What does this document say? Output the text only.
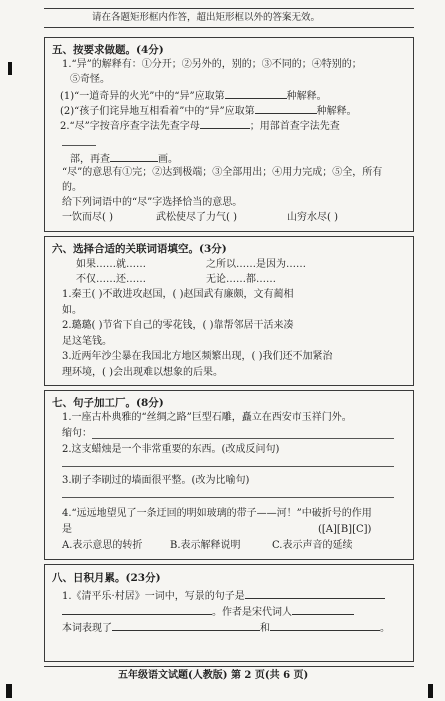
请在各题矩形框内作答，超出矩形框以外的答案无效。
五、按要求做题。(4分)
1.“异”的解释有：①分开；②另外的，别的；③不同的；④特别的；
⑤奇怪。
(1)“一道奇异的火光”中的“异”应取第	种解释。
(2)“孩子们诧异地互相看着”中的“异”应取第	种解释。
2.“尽”字按音序查字法先查字母	；用部首查字法先查
部，再查	画。
“尽”的意思有①完；②达到极端；③全部用出；④用力完成；⑤全，所有
的。
给下列词语中的“尽”字选择恰当的意思。
一饮而尽( )	武松使尽了力气( )	山穷水尽( )
六、选择合适的关联词语填空。(3分)
如果……就……	之所以……是因为……
不仅……还……	无论……都……
1.秦王( )不敢进攻赵国，( )赵国武有廉颇，文有蔺相
如。
2.璐璐( )节省下自己的零花钱，( )靠帮邻居干活来凑
足这笔钱。
3.近两年沙尘暴在我国北方地区频繁出现，( )我们还不加紧治
理环境，( )会出现难以想象的后果。
七、句子加工厂。(8分)
1.一座古朴典雅的“丝绸之路”巨型石雕，矗立在西安市玉祥门外。
缩句：
2.这支蜡烛是一个非常重要的东西。(改成反问句)
3.刷子李刷过的墙面很平整。(改为比喻句)
4.“远远地望见了一条迂回的明如玻璃的带子——河！”中破折号的作用
是	([A][B][C])
A.表示意思的转折	B.表示解释说明	C.表示声音的延续
八、日积月累。(23分)
1.《清平乐·村居》一词中，写景的句子是
。作者是宋代词人
本词表现了	和	。
五年级语文试题(人教版) 第 2 页(共 6 页)
